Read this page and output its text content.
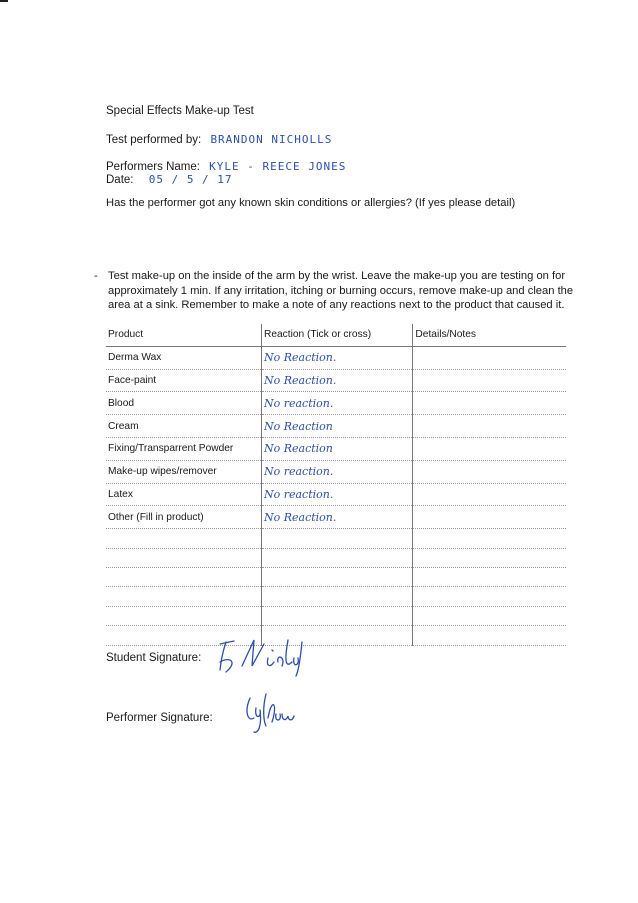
Special Effects Make-up Test
Test performed by: BRANDON NICHOLLS
Performers Name: KYLE - REECE JONES
Date: 05 / 5 / 17
Has the performer got any known skin conditions or allergies? (If yes please detail)
- Test make-up on the inside of the arm by the wrist. Leave the make-up you are testing on for approximately 1 min. If any irritation, itching or burning occurs, remove make-up and clean the area at a sink. Remember to make a note of any reactions next to the product that caused it.
Product	Reaction (Tick or cross)	Details/Notes
Derma Wax	No Reaction.	
Face-paint	No Reaction.	
Blood	No reaction.	
Cream	No Reaction	
Fixing/Transparrent Powder	No Reaction	
Make-up wipes/remover	No reaction.	
Latex	No reaction.	
Other (Fill in product)	No Reaction.	

Student Signature:
Performer Signature:
